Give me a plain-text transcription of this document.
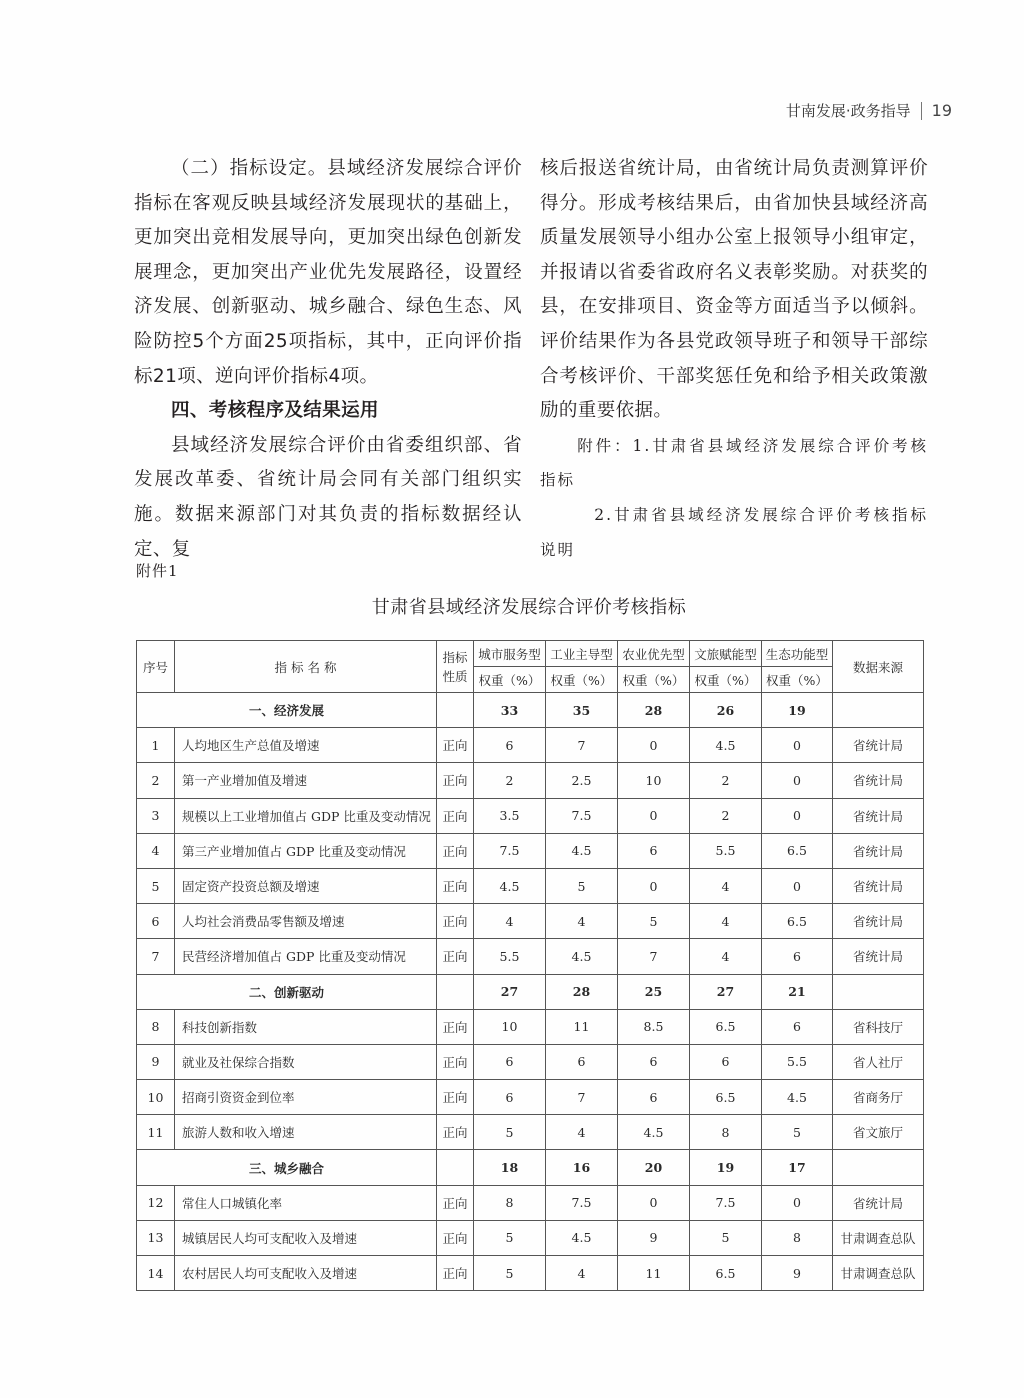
甘南发展·政务指导 19

（二）指标设定。县域经济发展综合评价指标在客观反映县域经济发展现状的基础上，更加突出竞相发展导向，更加突出绿色创新发展理念，更加突出产业优先发展路径，设置经济发展、创新驱动、城乡融合、绿色生态、风险防控5个方面25项指标，其中，正向评价指标21项、逆向评价指标4项。

四、考核程序及结果运用

县域经济发展综合评价由省委组织部、省发展改革委、省统计局会同有关部门组织实施。数据来源部门对其负责的指标数据经认定、复

核后报送省统计局，由省统计局负责测算评价得分。形成考核结果后，由省加快县域经济高质量发展领导小组办公室上报领导小组审定，并报请以省委省政府名义表彰奖励。对获奖的县，在安排项目、资金等方面适当予以倾斜。评价结果作为各县党政领导班子和领导干部综合考核评价、干部奖惩任免和给予相关政策激励的重要依据。

附件：1.甘肃省县域经济发展综合评价考核指标
2.甘肃省县域经济发展综合评价考核指标说明
附件1
甘肃省县域经济发展综合评价考核指标
序号	指 标 名 称	指标性质	城市服务型	工业主导型	农业优先型	文旅赋能型	生态功能型	数据来源
			权重（%）	权重（%）	权重（%）	权重（%）	权重（%）	
一、经济发展			33	35	28	26	19	
1	人均地区生产总值及增速	正向	6	7	0	4.5	0	省统计局
2	第一产业增加值及增速	正向	2	2.5	10	2	0	省统计局
3	规模以上工业增加值占 GDP 比重及变动情况	正向	3.5	7.5	0	2	0	省统计局
4	第三产业增加值占 GDP 比重及变动情况	正向	7.5	4.5	6	5.5	6.5	省统计局
5	固定资产投资总额及增速	正向	4.5	5	0	4	0	省统计局
6	人均社会消费品零售额及增速	正向	4	4	5	4	6.5	省统计局
7	民营经济增加值占 GDP 比重及变动情况	正向	5.5	4.5	7	4	6	省统计局
二、创新驱动			27	28	25	27	21	
8	科技创新指数	正向	10	11	8.5	6.5	6	省科技厅
9	就业及社保综合指数	正向	6	6	6	6	5.5	省人社厅
10	招商引资资金到位率	正向	6	7	6	6.5	4.5	省商务厅
11	旅游人数和收入增速	正向	5	4	4.5	8	5	省文旅厅
三、城乡融合			18	16	20	19	17	
12	常住人口城镇化率	正向	8	7.5	0	7.5	0	省统计局
13	城镇居民人均可支配收入及增速	正向	5	4.5	9	5	8	甘肃调查总队
14	农村居民人均可支配收入及增速	正向	5	4	11	6.5	9	甘肃调查总队
